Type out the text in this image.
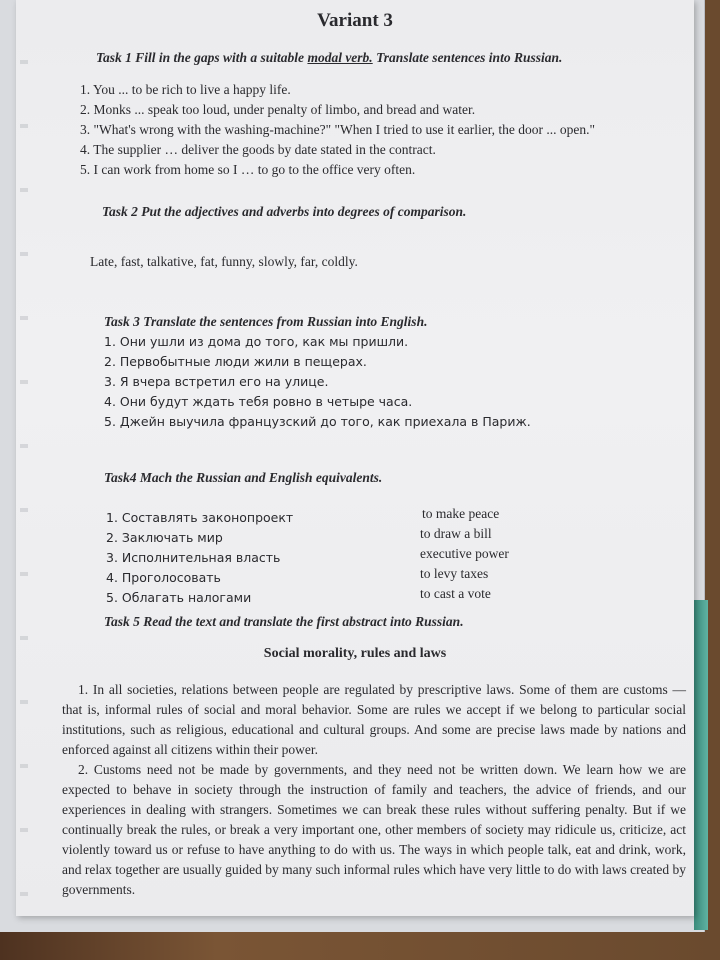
Variant 3
Task 1 Fill in the gaps with a suitable modal verb. Translate sentences into Russian.
1. You ... to be rich to live a happy life.
2. Monks ... speak too loud, under penalty of limbo, and bread and water.
3. "What's wrong with the washing-machine?" "When I tried to use it earlier, the door ... open."
4. The supplier … deliver the goods by date stated in the contract.
5. I can work from home so I … to go to the office very often.
Task 2 Put the adjectives and adverbs into degrees of comparison.
Late, fast, talkative, fat, funny, slowly, far, coldly.
Task 3 Translate the sentences from Russian into English.
1. Они ушли из дома до того, как мы пришли.
2. Первобытные люди жили в пещерах.
3. Я вчера встретил его на улице.
4. Они будут ждать тебя ровно в четыре часа.
5. Джейн выучила французский до того, как приехала в Париж.
Task4 Mach the Russian and English equivalents.
1. Составлять законопроект
2. Заключать мир
3. Исполнительная власть
4. Проголосовать
5. Облагать налогами
to make peace
to draw a bill
executive power
to levy taxes
to cast a vote
Task 5 Read the text and translate the first abstract into Russian.
Social morality, rules and laws

1. In all societies, relations between people are regulated by prescriptive laws. Some of them are customs — that is, informal rules of social and moral behavior. Some are rules we accept if we belong to particular social institutions, such as religious, educational and cultural groups. And some are precise laws made by nations and enforced against all citizens within their power.

2. Customs need not be made by governments, and they need not be written down. We learn how we are expected to behave in society through the instruction of family and teachers, the advice of friends, and our experiences in dealing with strangers. Sometimes we can break these rules without suffering penalty. But if we continually break the rules, or break a very important one, other members of society may ridicule us, criticize, act violently toward us or refuse to have anything to do with us. The ways in which people talk, eat and drink, work, and relax together are usually guided by many such informal rules which have very little to do with laws created by governments.
